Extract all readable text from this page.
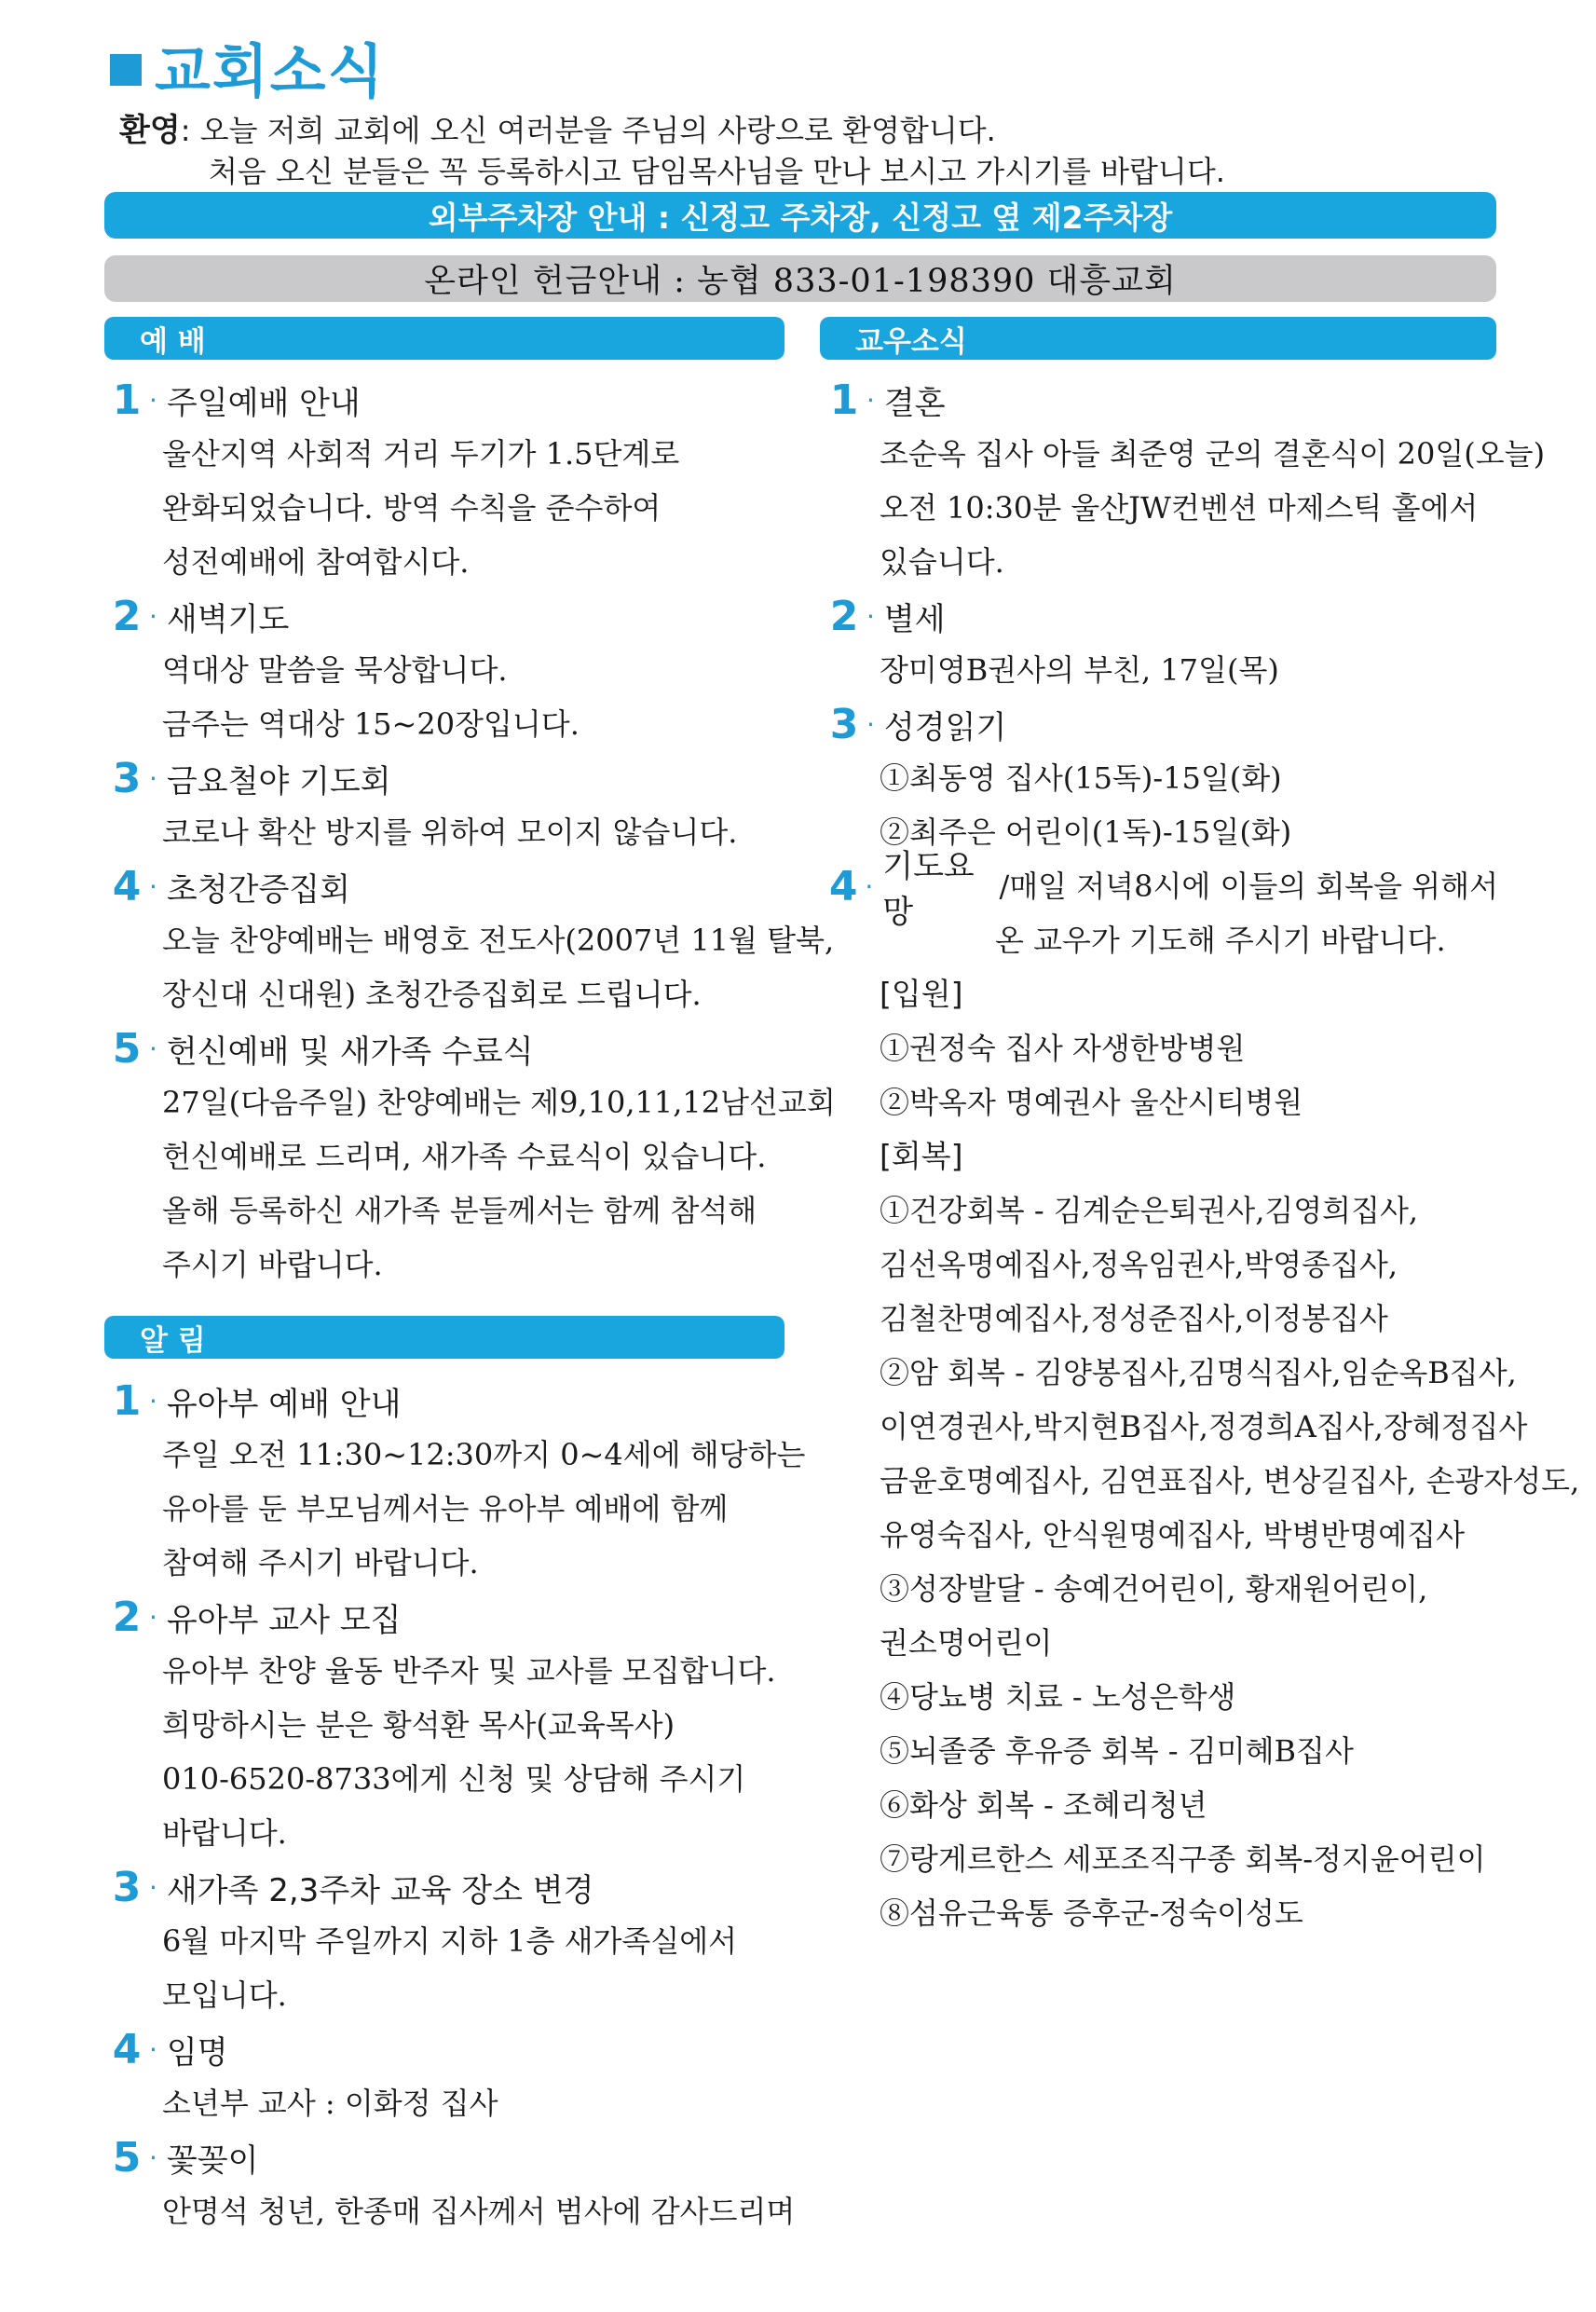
교회소식
환영: 오늘 저희 교회에 오신 여러분을 주님의 사랑으로 환영합니다.
처음 오신 분들은 꼭 등록하시고 담임목사님을 만나 보시고 가시기를 바랍니다.
외부주차장 안내 : 신정고 주차장, 신정고 옆 제2주차장
온라인 헌금안내 : 농협 833-01-198390 대흥교회
예 배	교우소식
알 림
1 · 주일예배 안내
울산지역 사회적 거리 두기가 1.5단계로
완화되었습니다. 방역 수칙을 준수하여
성전예배에 참여합시다.
2 · 새벽기도
역대상 말씀을 묵상합니다.
금주는 역대상 15~20장입니다.
3 · 금요철야 기도회
코로나 확산 방지를 위하여 모이지 않습니다.
4 · 초청간증집회
오늘 찬양예배는 배영호 전도사(2007년 11월 탈북,
장신대 신대원) 초청간증집회로 드립니다.
5 · 헌신예배 및 새가족 수료식
27일(다음주일) 찬양예배는 제9,10,11,12남선교회
헌신예배로 드리며, 새가족 수료식이 있습니다.
올해 등록하신 새가족 분들께서는 함께 참석해
주시기 바랍니다.
1 · 유아부 예배 안내
주일 오전 11:30~12:30까지 0~4세에 해당하는
유아를 둔 부모님께서는 유아부 예배에 함께
참여해 주시기 바랍니다.
2 · 유아부 교사 모집
유아부 찬양 율동 반주자 및 교사를 모집합니다.
희망하시는 분은 황석환 목사(교육목사)
010-6520-8733에게 신청 및 상담해 주시기
바랍니다.
3 · 새가족 2,3주차 교육 장소 변경
6월 마지막 주일까지 지하 1층 새가족실에서
모입니다.
4 · 임명
소년부 교사 : 이화정 집사
5 · 꽃꽂이
안명석 청년, 한종매 집사께서 범사에 감사드리며
1 · 결혼
조순옥 집사 아들 최준영 군의 결혼식이 20일(오늘)
오전 10:30분 울산JW컨벤션 마제스틱 홀에서
있습니다.
2 · 별세
장미영B권사의 부친, 17일(목)
3 · 성경읽기
①최동영 집사(15독)-15일(화)
②최주은 어린이(1독)-15일(화)
4 ·
기도요망
/매일 저녁8시에 이들의 회복을 위해서
온 교우가 기도해 주시기 바랍니다.
[입원]
①권정숙 집사 자생한방병원
②박옥자 명예권사 울산시티병원
[회복]
①건강회복 - 김계순은퇴권사,김영희집사,
김선옥명예집사,정옥임권사,박영종집사,
김철찬명예집사,정성준집사,이정봉집사
②암 회복 - 김양봉집사,김명식집사,임순옥B집사,
이연경권사,박지현B집사,정경희A집사,장혜정집사
금윤호명예집사, 김연표집사, 변상길집사, 손광자성도,
유영숙집사, 안식원명예집사, 박병반명예집사
③성장발달 - 송예건어린이, 황재원어린이,
권소명어린이
④당뇨병 치료 - 노성은학생
⑤뇌졸중 후유증 회복 - 김미혜B집사
⑥화상 회복 - 조혜리청년
⑦랑게르한스 세포조직구종 회복-정지윤어린이
⑧섬유근육통 증후군-정숙이성도
